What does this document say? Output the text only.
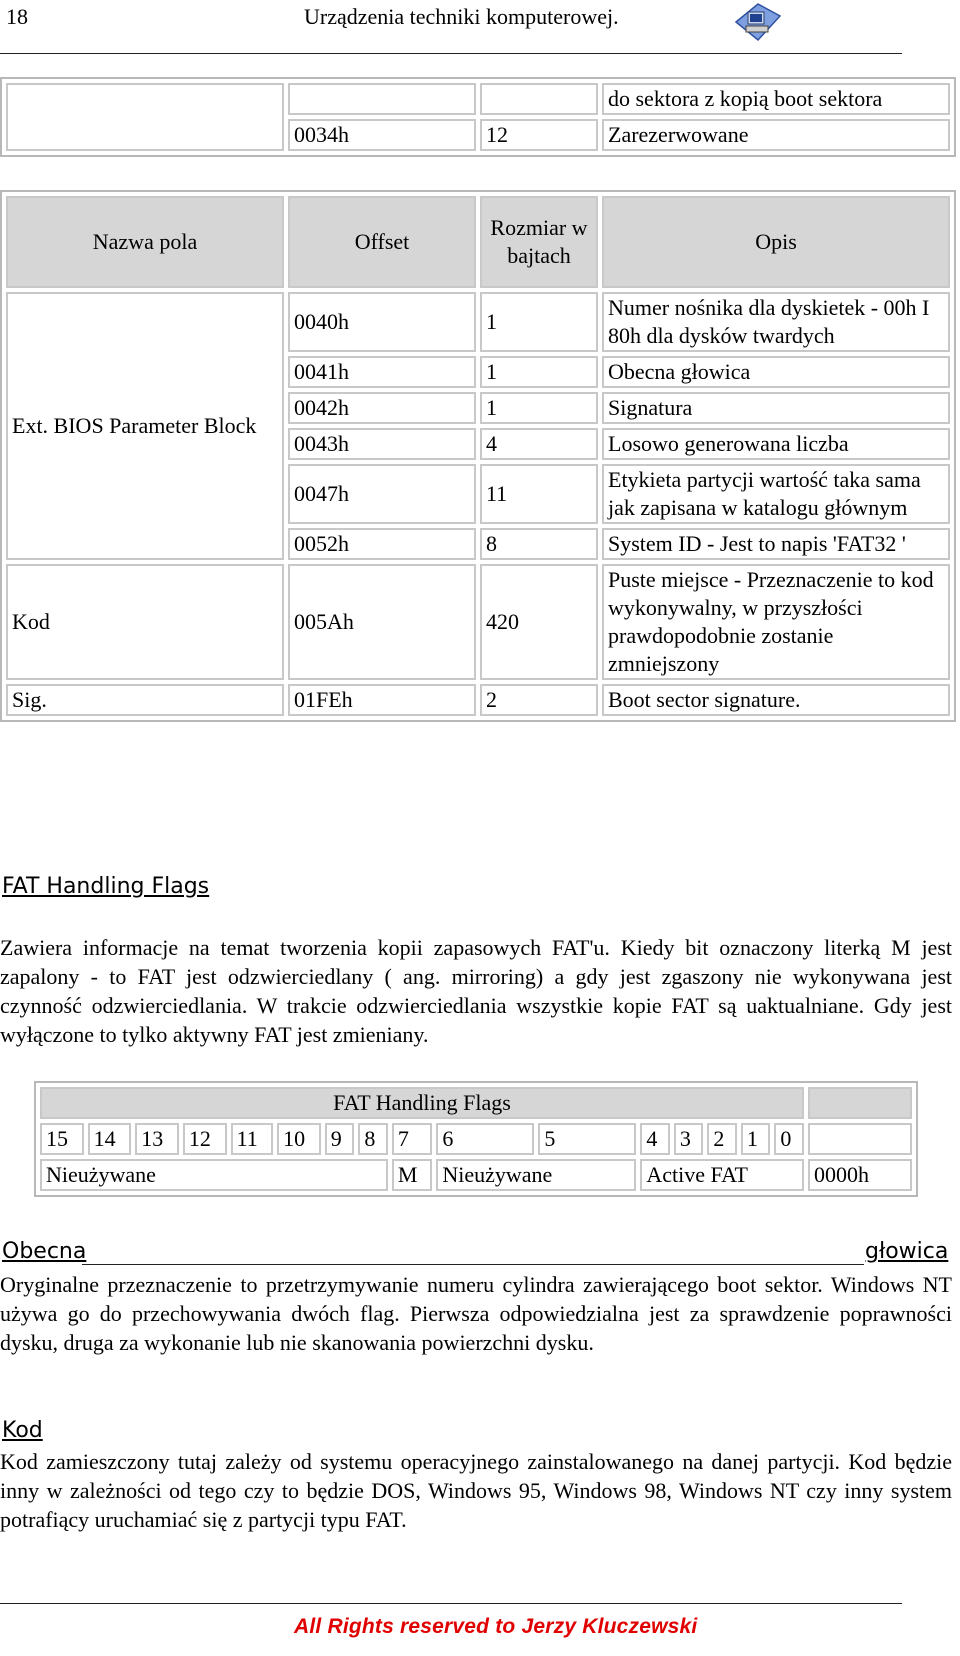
18	Urządzenia techniki komputerowej.
			do sektora z kopią boot sektora
	0034h	12	Zarezerwowane
Nazwa pola	Offset	Rozmiar w bajtach	Opis
Ext. BIOS Parameter Block	0040h	1	Numer nośnika dla dyskietek - 00h I 80h dla dysków twardych
	0041h	1	Obecna głowica
	0042h	1	Signatura
	0043h	4	Losowo generowana liczba
	0047h	11	Etykieta partycji wartość taka sama jak zapisana w katalogu głównym
	0052h	8	System ID - Jest to napis 'FAT32 '
Kod	005Ah	420	Puste miejsce - Przeznaczenie to kod wykonywalny, w przyszłości prawdopodobnie zostanie zmniejszony
Sig.	01FEh	2	Boot sector signature.
FAT Handling Flags
Zawiera informacje na temat tworzenia kopii zapasowych FAT'u. Kiedy bit oznaczony literką M jest zapalony - to FAT jest odzwierciedlany ( ang. mirroring) a gdy jest zgaszony nie wykonywana jest czynność odzwierciedlania. W trakcie odzwierciedlania wszystkie kopie FAT są uaktualniane. Gdy jest wyłączone to tylko aktywny FAT jest zmieniany.
FAT Handling Flags																
15	14	13	12	11	10	9	8	7	6	5	4	3	2	1	0	
Nieużywane								M	Nieużywane		Active FAT					0000h
Obecna	głowica
Oryginalne przeznaczenie to przetrzymywanie numeru cylindra zawierającego boot sektor. Windows NT używa go do przechowywania dwóch flag. Pierwsza odpowiedzialna jest za sprawdzenie poprawności dysku, druga za wykonanie lub nie skanowania powierzchni dysku.
Kod
Kod zamieszczony tutaj zależy od systemu operacyjnego zainstalowanego na danej partycji. Kod będzie inny w zależności od tego czy to będzie DOS, Windows 95, Windows 98, Windows NT czy inny system potrafiący uruchamiać się z partycji typu FAT.
All Rights reserved to Jerzy Kluczewski
